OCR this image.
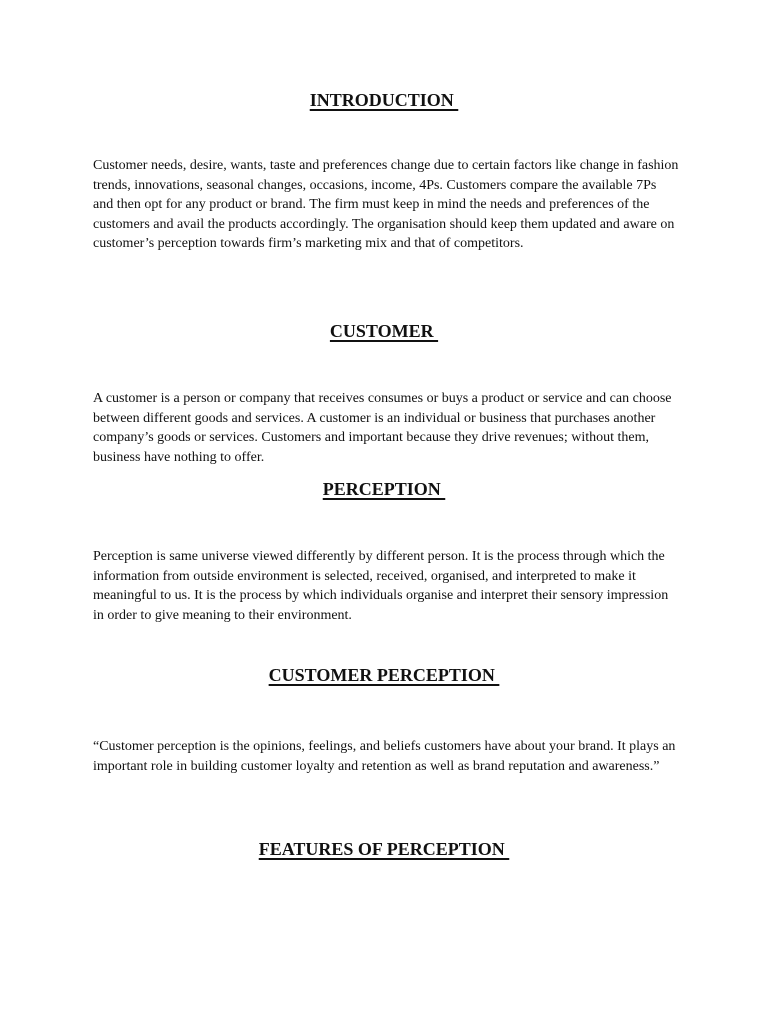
INTRODUCTION

Customer needs, desire, wants, taste and preferences change due to certain factors like change in fashion trends, innovations, seasonal changes, occasions, income, 4Ps. Customers compare the available 7Ps and then opt for any product or brand. The firm must keep in mind the needs and preferences of the customers and avail the products accordingly. The organisation should keep them updated and aware on customer’s perception towards firm’s marketing mix and that of competitors.

CUSTOMER

A customer is a person or company that receives consumes or buys a product or service and can choose between different goods and services. A customer is an individual or business that purchases another company’s goods or services. Customers and important because they drive revenues; without them, business have nothing to offer.

PERCEPTION

Perception is same universe viewed differently by different person. It is the process through which the information from outside environment is selected, received, organised, and interpreted to make it meaningful to us. It is the process by which individuals organise and interpret their sensory impression in order to give meaning to their environment.

CUSTOMER PERCEPTION

“Customer perception is the opinions, feelings, and beliefs customers have about your brand. It plays an important role in building customer loyalty and retention as well as brand reputation and awareness.”

FEATURES OF PERCEPTION
